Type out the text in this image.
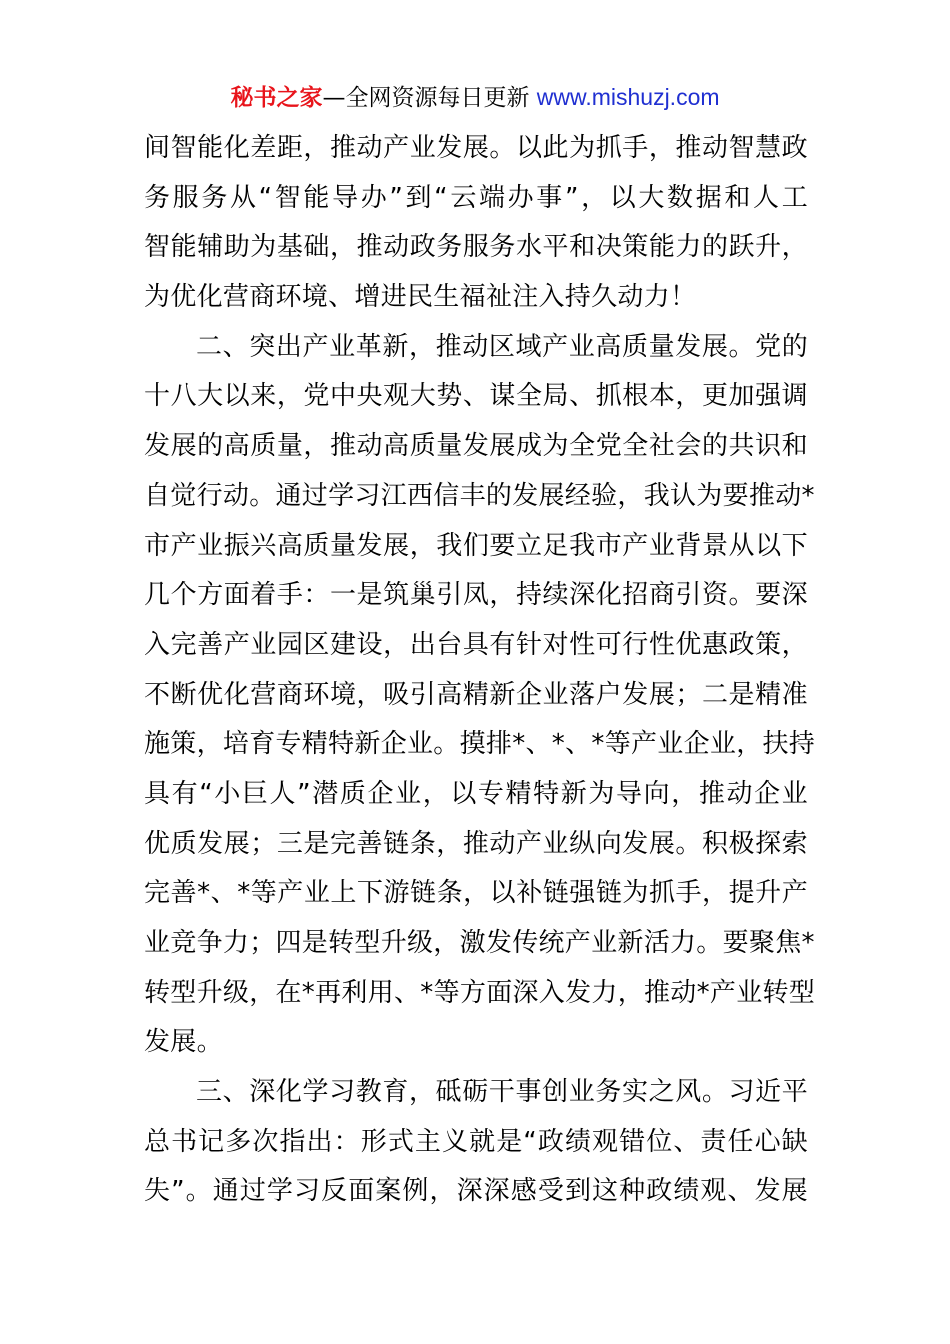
秘书之家—全网资源每日更新 www.mishuzj.com
间智能化差距，推动产业发展。以此为抓手，推动智慧政
务服务从“智能导办”到“云端办事”，以大数据和人工
智能辅助为基础，推动政务服务水平和决策能力的跃升，
为优化营商环境、增进民生福祉注入持久动力！
二、突出产业革新，推动区域产业高质量发展。党的
十八大以来，党中央观大势、谋全局、抓根本，更加强调
发展的高质量，推动高质量发展成为全党全社会的共识和
自觉行动。通过学习江西信丰的发展经验，我认为要推动*
市产业振兴高质量发展，我们要立足我市产业背景从以下
几个方面着手：一是筑巢引凤，持续深化招商引资。要深
入完善产业园区建设，出台具有针对性可行性优惠政策，
不断优化营商环境，吸引高精新企业落户发展；二是精准
施策，培育专精特新企业。摸排*、*、*等产业企业，扶持
具有“小巨人”潜质企业，以专精特新为导向，推动企业
优质发展；三是完善链条，推动产业纵向发展。积极探索
完善*、*等产业上下游链条，以补链强链为抓手，提升产
业竞争力；四是转型升级，激发传统产业新活力。要聚焦*
转型升级，在*再利用、*等方面深入发力，推动*产业转型
发展。
三、深化学习教育，砥砺干事创业务实之风。习近平
总书记多次指出：形式主义就是“政绩观错位、责任心缺
失”。通过学习反面案例，深深感受到这种政绩观、发展
